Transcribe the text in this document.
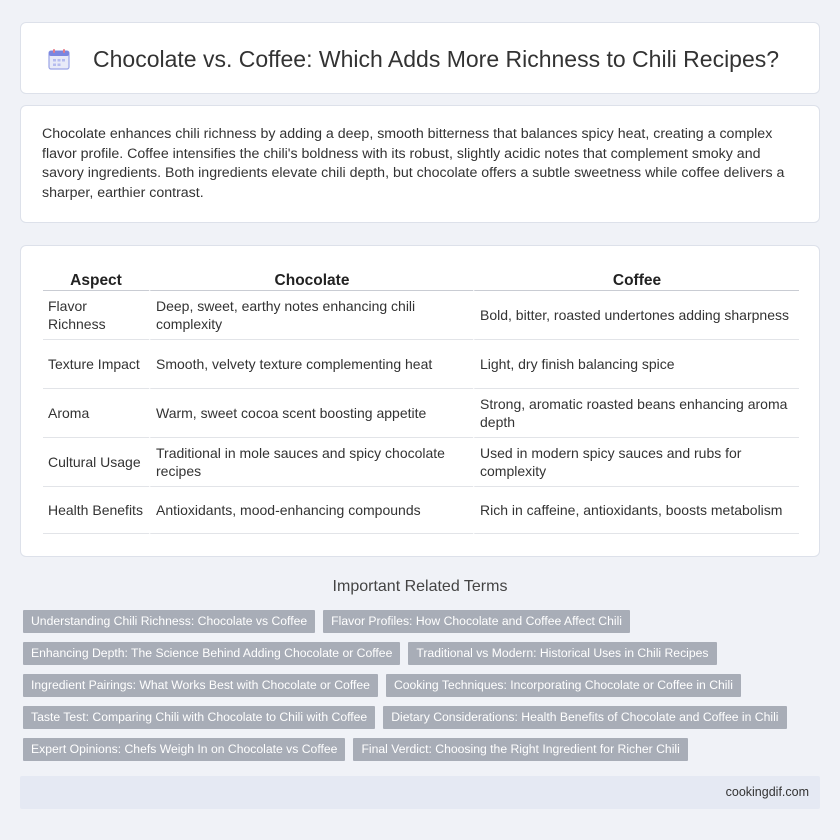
Chocolate vs. Coffee: Which Adds More Richness to Chili Recipes?

Chocolate enhances chili richness by adding a deep, smooth bitterness that balances spicy heat, creating a complex flavor profile. Coffee intensifies the chili's boldness with its robust, slightly acidic notes that complement smoky and savory ingredients. Both ingredients elevate chili depth, but chocolate offers a subtle sweetness while coffee delivers a sharper, earthier contrast.

Aspect	Chocolate	Coffee
Flavor Richness	Deep, sweet, earthy notes enhancing chili complexity	Bold, bitter, roasted undertones adding sharpness
Texture Impact	Smooth, velvety texture complementing heat	Light, dry finish balancing spice
Aroma	Warm, sweet cocoa scent boosting appetite	Strong, aromatic roasted beans enhancing aroma depth
Cultural Usage	Traditional in mole sauces and spicy chocolate recipes	Used in modern spicy sauces and rubs for complexity
Health Benefits	Antioxidants, mood-enhancing compounds	Rich in caffeine, antioxidants, boosts metabolism
Important Related Terms
Understanding Chili Richness: Chocolate vs Coffee	Flavor Profiles: How Chocolate and Coffee Affect Chili
Enhancing Depth: The Science Behind Adding Chocolate or Coffee	Traditional vs Modern: Historical Uses in Chili Recipes
Ingredient Pairings: What Works Best with Chocolate or Coffee	Cooking Techniques: Incorporating Chocolate or Coffee in Chili
Taste Test: Comparing Chili with Chocolate to Chili with Coffee	Dietary Considerations: Health Benefits of Chocolate and Coffee in Chili
Expert Opinions: Chefs Weigh In on Chocolate vs Coffee	Final Verdict: Choosing the Right Ingredient for Richer Chili
cookingdif.com
